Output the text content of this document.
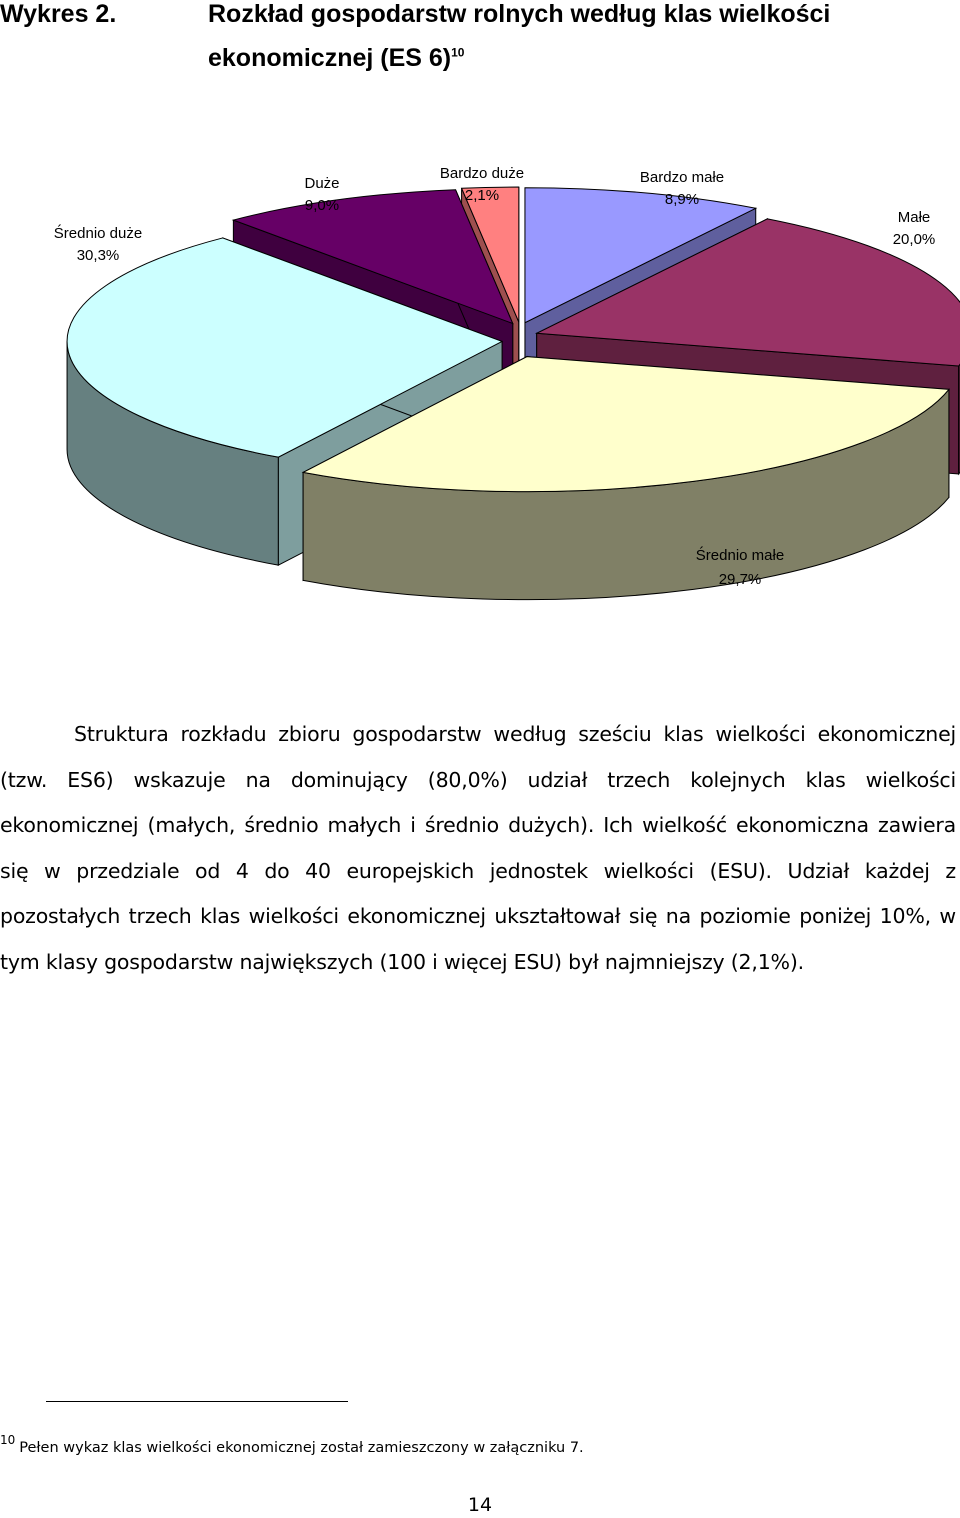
Wykres 2.	Rozkład gospodarstw rolnych według klas wielkości
ekonomicznej (ES 6)$^{10}$
Bardzo małe
8,9%
Małe
20,0%
Średnio małe
29,7%
Średnio duże
30,3%
Duże
9,0%
Bardzo duże
2,1%
Struktura rozkładu zbioru gospodarstw według sześciu klas wielkości ekonomicznej (tzw. ES6) wskazuje na dominujący (80,0%) udział trzech kolejnych klas wielkości ekonomicznej (małych, średnio małych i średnio dużych). Ich wielkość ekonomiczna zawiera się w przedziale od 4 do 40 europejskich jednostek wielkości (ESU). Udział każdej z pozostałych trzech klas wielkości ekonomicznej ukształtował się na poziomie poniżej 10%, w tym klasy gospodarstw największych (100 i więcej ESU) był najmniejszy (2,1%).
$^{10}$ Pełen wykaz klas wielkości ekonomicznej został zamieszczony w załączniku 7.
14
